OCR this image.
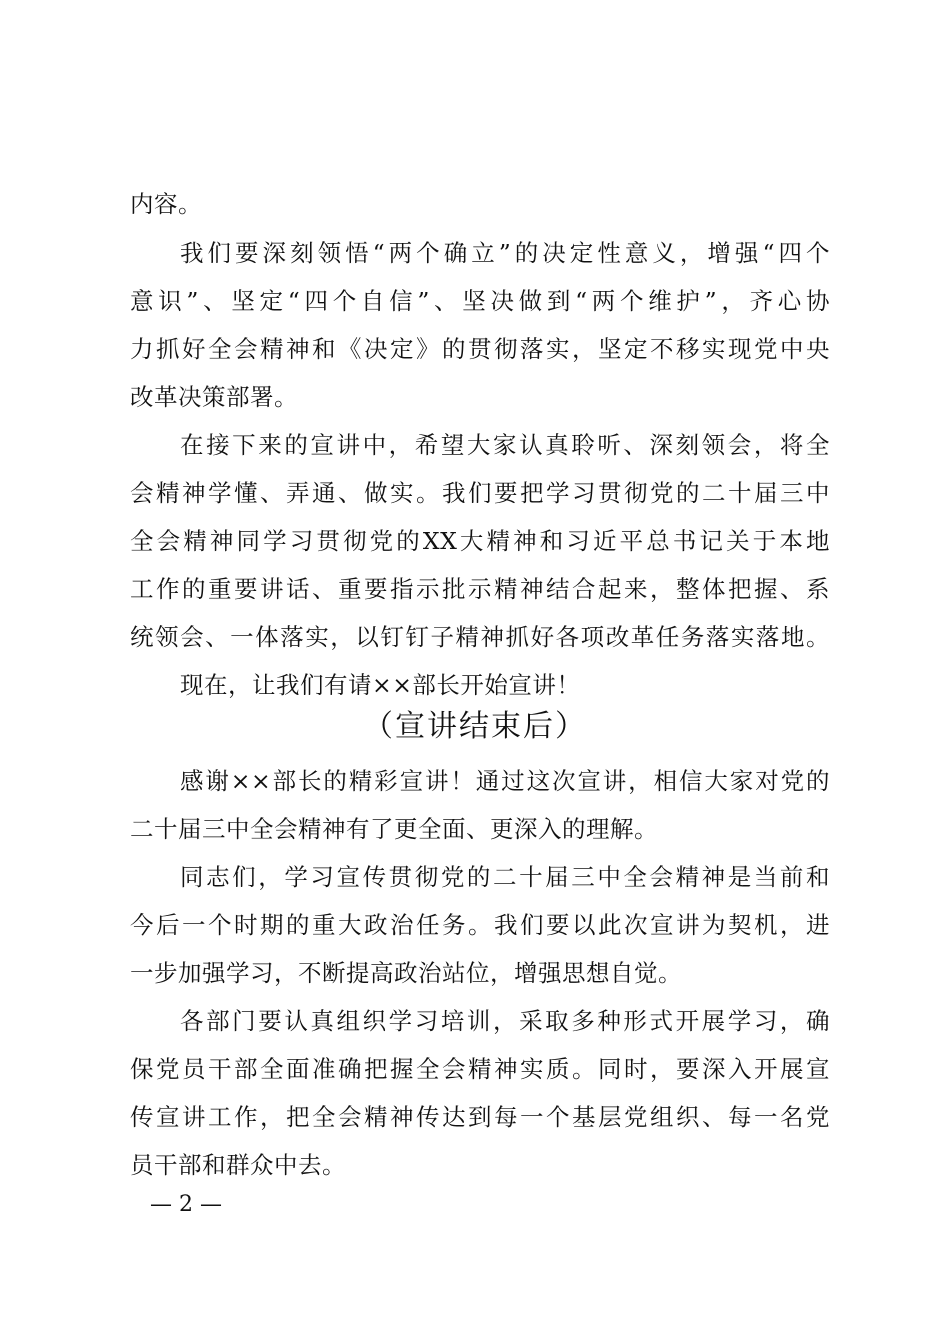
内容。
我们要深刻领悟“两个确立”的决定性意义，增强“四个
意识”、坚定“四个自信”、坚决做到“两个维护”，齐心协
力抓好全会精神和《决定》的贯彻落实，坚定不移实现党中央
改革决策部署。
在接下来的宣讲中，希望大家认真聆听、深刻领会，将全
会精神学懂、弄通、做实。我们要把学习贯彻党的二十届三中
全会精神同学习贯彻党的XX大精神和习近平总书记关于本地
工作的重要讲话、重要指示批示精神结合起来，整体把握、系
统领会、一体落实，以钉钉子精神抓好各项改革任务落实落地。
现在，让我们有请××部长开始宣讲！
（宣讲结束后）
感谢××部长的精彩宣讲！通过这次宣讲，相信大家对党的
二十届三中全会精神有了更全面、更深入的理解。
同志们，学习宣传贯彻党的二十届三中全会精神是当前和
今后一个时期的重大政治任务。我们要以此次宣讲为契机，进
一步加强学习，不断提高政治站位，增强思想自觉。
各部门要认真组织学习培训，采取多种形式开展学习，确
保党员干部全面准确把握全会精神实质。同时，要深入开展宣
传宣讲工作，把全会精神传达到每一个基层党组织、每一名党
员干部和群众中去。
— 2 —
